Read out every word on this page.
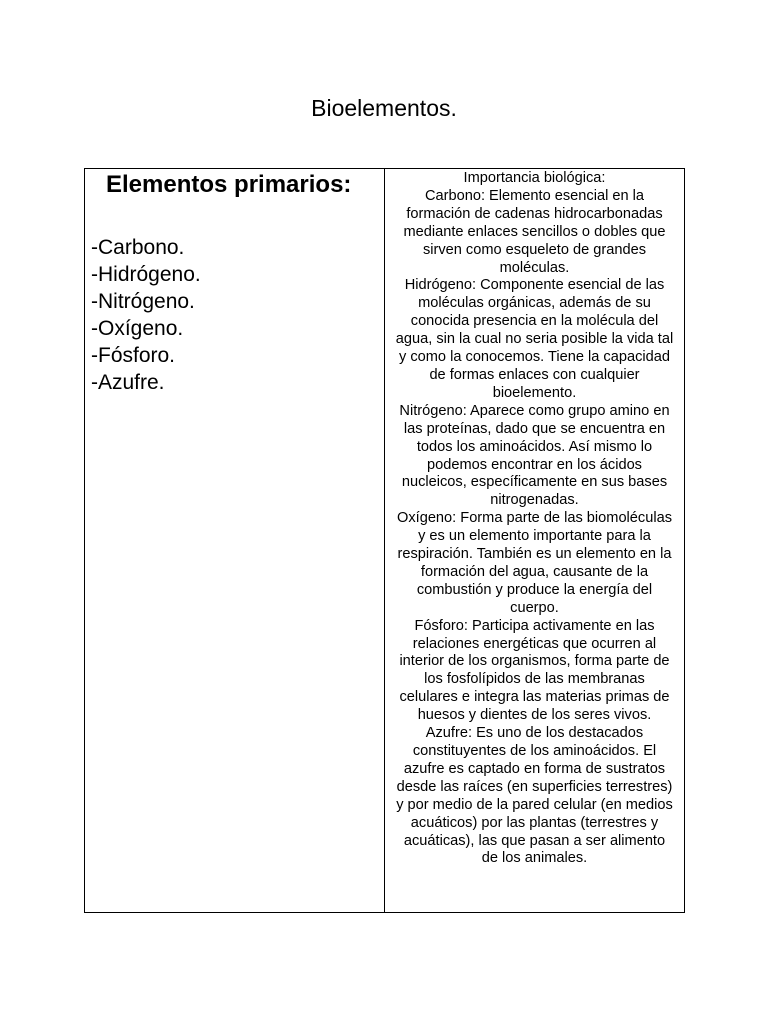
Bioelementos.
Elementos primarios:
-Carbono.
-Hidrógeno.
-Nitrógeno.
-Oxígeno.
-Fósforo.
-Azufre.
Importancia biológica:
Carbono: Elemento esencial en la
formación de cadenas hidrocarbonadas
mediante enlaces sencillos o dobles que
sirven como esqueleto de grandes
moléculas.
Hidrógeno: Componente esencial de las
moléculas orgánicas, además de su
conocida presencia en la molécula del
agua, sin la cual no seria posible la vida tal
y como la conocemos. Tiene la capacidad
de formas enlaces con cualquier
bioelemento.
Nitrógeno: Aparece como grupo amino en
las proteínas, dado que se encuentra en
todos los aminoácidos. Así mismo lo
podemos encontrar en los ácidos
nucleicos, específicamente en sus bases
nitrogenadas.
Oxígeno: Forma parte de las biomoléculas
y es un elemento importante para la
respiración. También es un elemento en la
formación del agua, causante de la
combustión y produce la energía del
cuerpo.
Fósforo: Participa activamente en las
relaciones energéticas que ocurren al
interior de los organismos, forma parte de
los fosfolípidos de las membranas
celulares e integra las materias primas de
huesos y dientes de los seres vivos.
Azufre: Es uno de los destacados
constituyentes de los aminoácidos. El
azufre es captado en forma de sustratos
desde las raíces (en superficies terrestres)
y por medio de la pared celular (en medios
acuáticos) por las plantas (terrestres y
acuáticas), las que pasan a ser alimento
de los animales.
